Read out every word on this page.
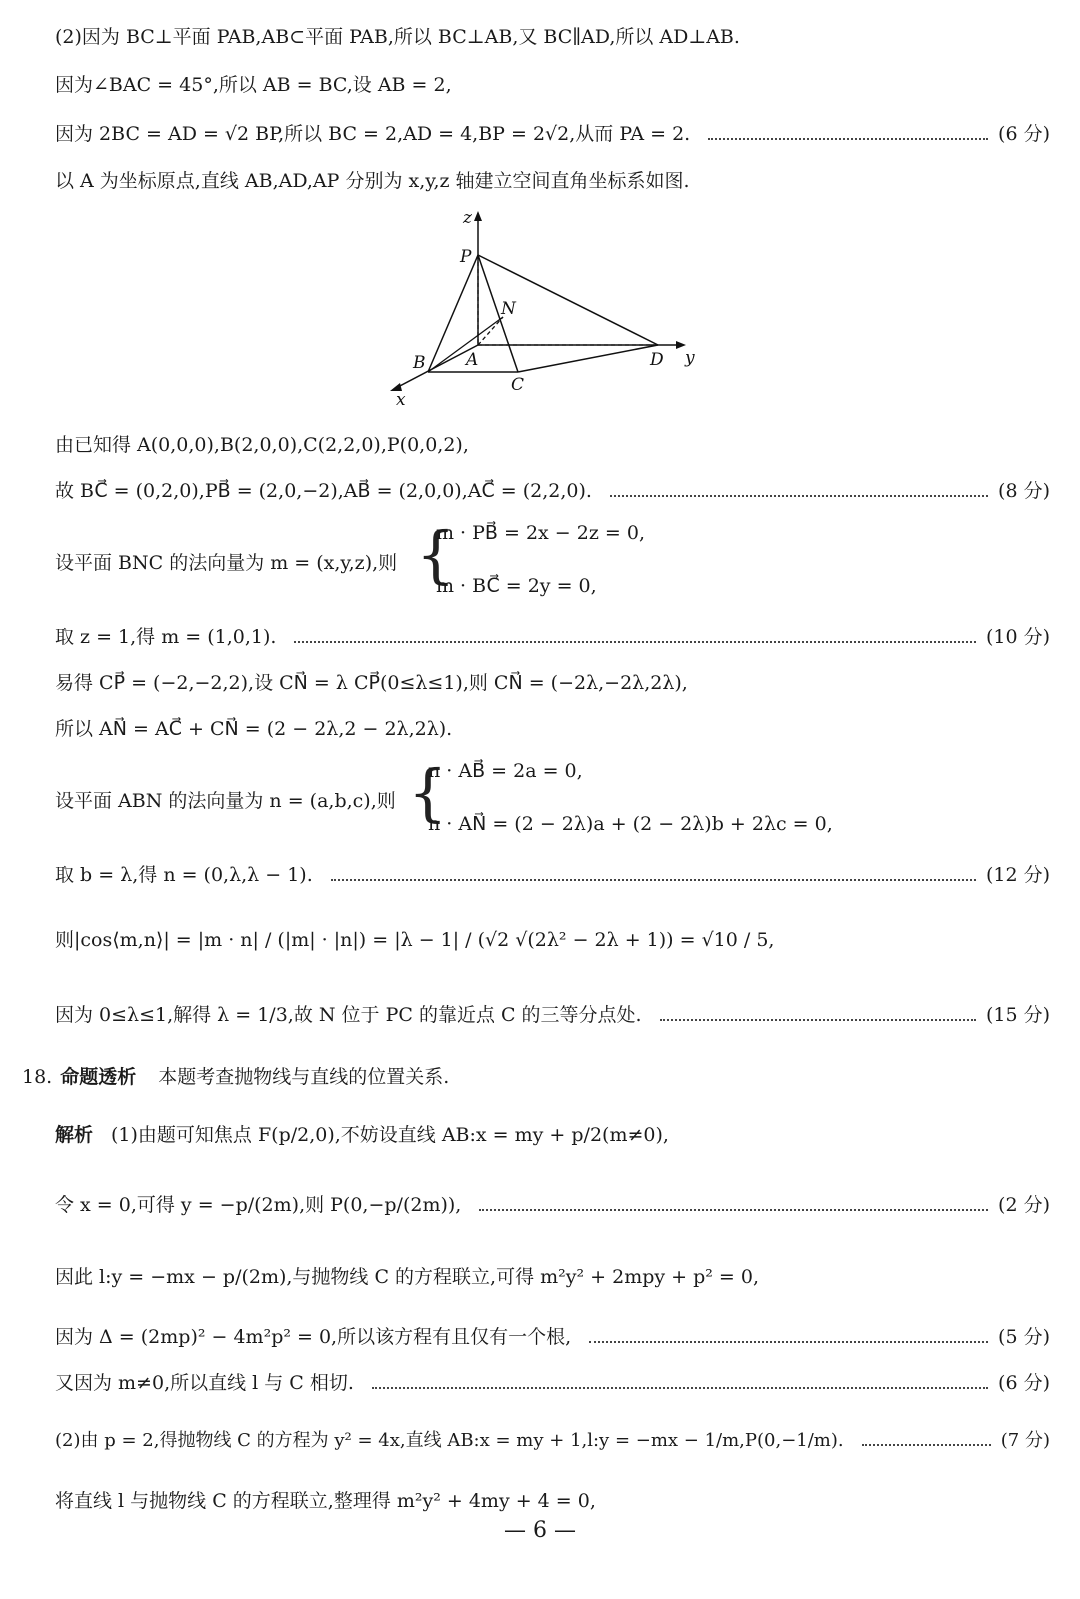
(2)因为 BC⊥平面 PAB,AB⊂平面 PAB,所以 BC⊥AB,又 BC∥AD,所以 AD⊥AB.
因为∠BAC = 45°,所以 AB = BC,设 AB = 2,
因为 2BC = AD = √2 BP,所以 BC = 2,AD = 4,BP = 2√2,从而 PA = 2.	(6 分)
以 A 为坐标原点,直线 AB,AD,AP 分别为 x,y,z 轴建立空间直角坐标系如图.
z
P
N
B A
C
D y
x
由已知得 A(0,0,0),B(2,0,0),C(2,2,0),P(0,0,2),
故 BC⃗ = (0,2,0),PB⃗ = (2,0,−2),AB⃗ = (2,0,0),AC⃗ = (2,2,0).	(8 分)
设平面 BNC 的法向量为 m = (x,y,z),则 {
m · PB⃗ = 2x − 2z = 0,
m · BC⃗ = 2y = 0,
取 z = 1,得 m = (1,0,1).	(10 分)
易得 CP⃗ = (−2,−2,2),设 CN⃗ = λ CP⃗(0≤λ≤1),则 CN⃗ = (−2λ,−2λ,2λ),
所以 AN⃗ = AC⃗ + CN⃗ = (2 − 2λ,2 − 2λ,2λ).
设平面 ABN 的法向量为 n = (a,b,c),则 {
n · AB⃗ = 2a = 0,
n · AN⃗ = (2 − 2λ)a + (2 − 2λ)b + 2λc = 0,
取 b = λ,得 n = (0,λ,λ − 1).	(12 分)
则|cos⟨m,n⟩| = |m · n| / (|m| · |n|) = |λ − 1| / (√2 √(2λ² − 2λ + 1)) = √10 / 5,
因为 0≤λ≤1,解得 λ = 1/3,故 N 位于 PC 的靠近点 C 的三等分点处.	(15 分)
18. 命题透析 本题考查抛物线与直线的位置关系.
解析 (1)由题可知焦点 F(p/2,0),不妨设直线 AB:x = my + p/2(m≠0),
令 x = 0,可得 y = −p/(2m),则 P(0,−p/(2m)),	(2 分)
因此 l:y = −mx − p/(2m),与抛物线 C 的方程联立,可得 m²y² + 2mpy + p² = 0,
因为 Δ = (2mp)² − 4m²p² = 0,所以该方程有且仅有一个根,	(5 分)
又因为 m≠0,所以直线 l 与 C 相切.	(6 分)
(2)由 p = 2,得抛物线 C 的方程为 y² = 4x,直线 AB:x = my + 1,l:y = −mx − 1/m,P(0,−1/m).	(7 分)
将直线 l 与抛物线 C 的方程联立,整理得 m²y² + 4my + 4 = 0,
— 6 —
